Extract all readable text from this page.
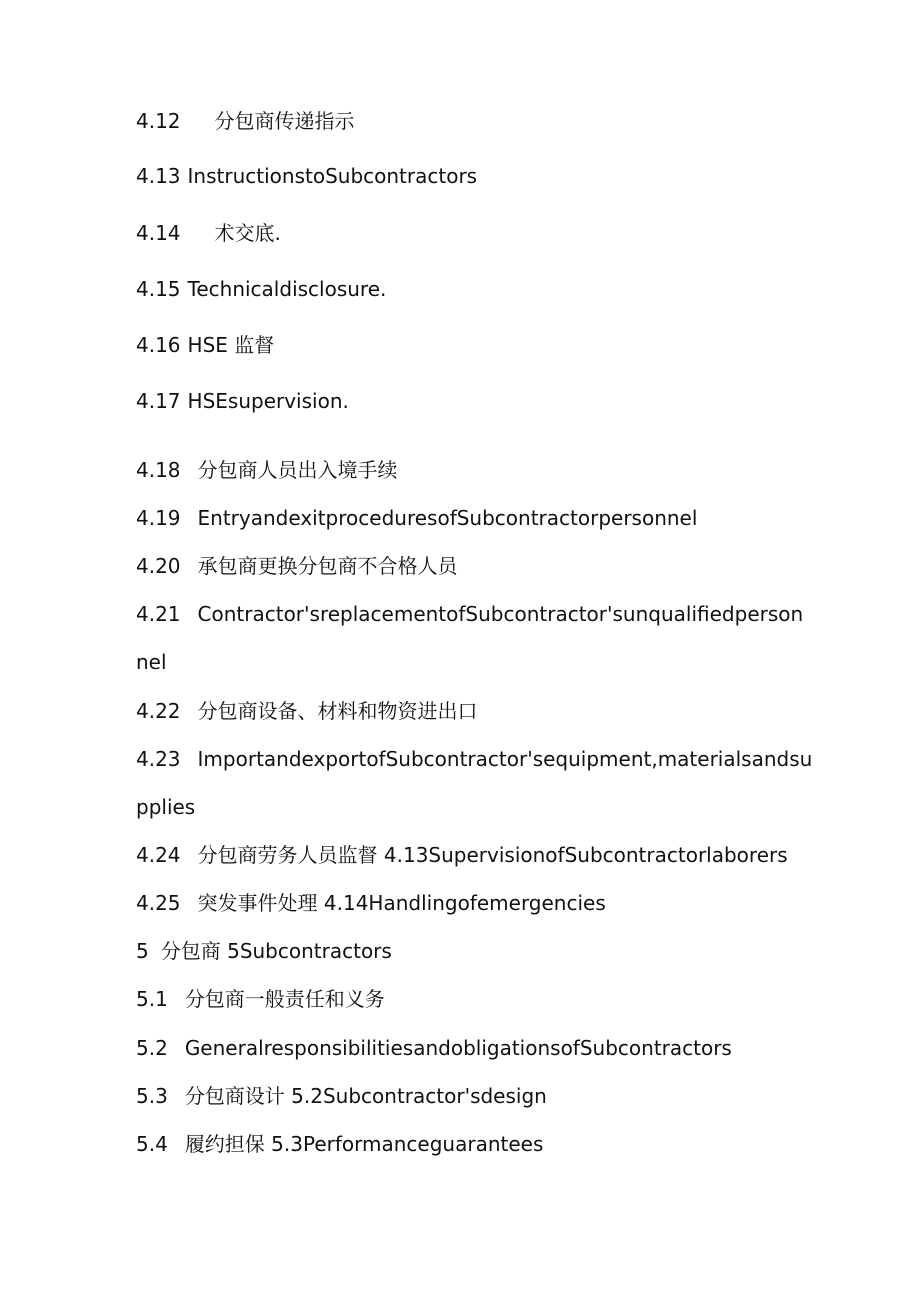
4.12 分包商传递指示
4.13 InstructionstoSubcontractors
4.14 术交底.
4.15 Technicaldisclosure.
4.16 HSE 监督
4.17 HSEsupervision.
4.18 分包商人员出入境手续
4.19 EntryandexitproceduresofSubcontractorpersonnel
4.20 承包商更换分包商不合格人员
4.21 Contractor'sreplacementofSubcontractor'sunqualifiedperson
nel
4.22 分包商设备、材料和物资进出口
4.23 ImportandexportofSubcontractor'sequipment,materialsandsu
pplies
4.24 分包商劳务人员监督 4.13SupervisionofSubcontractorlaborers
4.25 突发事件处理 4.14Handlingofemergencies
5 分包商 5Subcontractors
5.1 分包商一般责任和义务
5.2 GeneralresponsibilitiesandobligationsofSubcontractors
5.3 分包商设计 5.2Subcontractor'sdesign
5.4 履约担保 5.3Performanceguarantees
